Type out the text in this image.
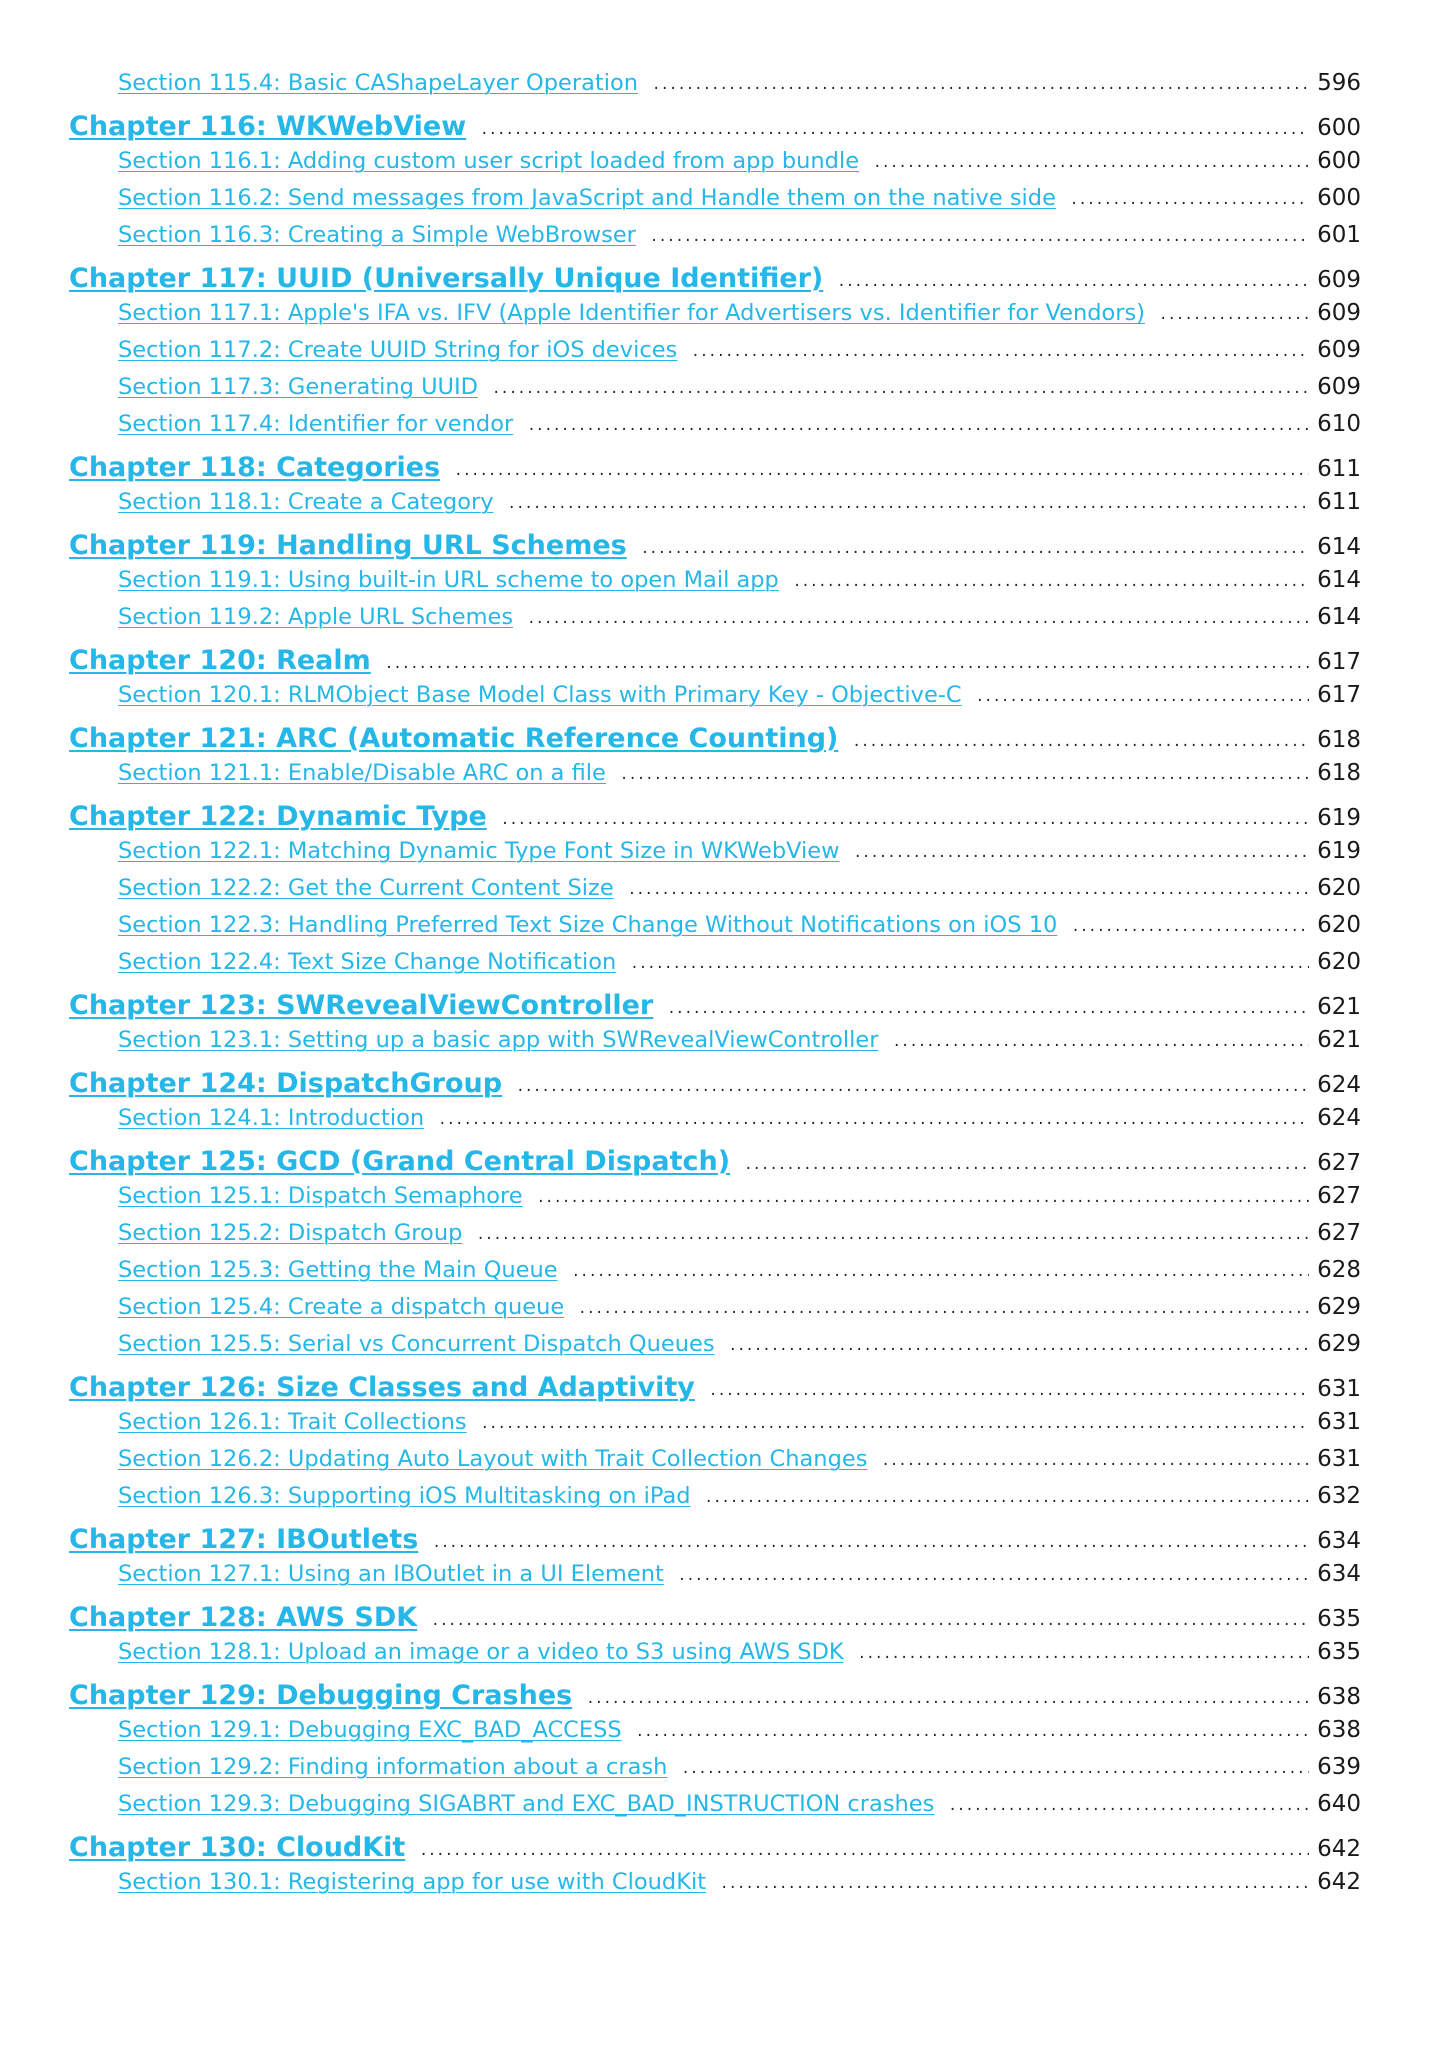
Section 115.4: Basic CAShapeLayer Operation .....	596
Chapter 116: WKWebView .....	600
Section 116.1: Adding custom user script loaded from app bundle .....	600
Section 116.2: Send messages from JavaScript and Handle them on the native side .....	600
Section 116.3: Creating a Simple WebBrowser .....	601
Chapter 117: UUID (Universally Unique Identifier) .....	609
Section 117.1: Apple's IFA vs. IFV (Apple Identifier for Advertisers vs. Identifier for Vendors) .....	609
Section 117.2: Create UUID String for iOS devices .....	609
Section 117.3: Generating UUID .....	609
Section 117.4: Identifier for vendor .....	610
Chapter 118: Categories .....	611
Section 118.1: Create a Category .....	611
Chapter 119: Handling URL Schemes .....	614
Section 119.1: Using built-in URL scheme to open Mail app .....	614
Section 119.2: Apple URL Schemes .....	614
Chapter 120: Realm .....	617
Section 120.1: RLMObject Base Model Class with Primary Key - Objective-C .....	617
Chapter 121: ARC (Automatic Reference Counting) .....	618
Section 121.1: Enable/Disable ARC on a file .....	618
Chapter 122: Dynamic Type .....	619
Section 122.1: Matching Dynamic Type Font Size in WKWebView .....	619
Section 122.2: Get the Current Content Size .....	620
Section 122.3: Handling Preferred Text Size Change Without Notifications on iOS 10 .....	620
Section 122.4: Text Size Change Notification .....	620
Chapter 123: SWRevealViewController .....	621
Section 123.1: Setting up a basic app with SWRevealViewController .....	621
Chapter 124: DispatchGroup .....	624
Section 124.1: Introduction .....	624
Chapter 125: GCD (Grand Central Dispatch) .....	627
Section 125.1: Dispatch Semaphore .....	627
Section 125.2: Dispatch Group .....	627
Section 125.3: Getting the Main Queue .....	628
Section 125.4: Create a dispatch queue .....	629
Section 125.5: Serial vs Concurrent Dispatch Queues .....	629
Chapter 126: Size Classes and Adaptivity .....	631
Section 126.1: Trait Collections .....	631
Section 126.2: Updating Auto Layout with Trait Collection Changes .....	631
Section 126.3: Supporting iOS Multitasking on iPad .....	632
Chapter 127: IBOutlets .....	634
Section 127.1: Using an IBOutlet in a UI Element .....	634
Chapter 128: AWS SDK .....	635
Section 128.1: Upload an image or a video to S3 using AWS SDK .....	635
Chapter 129: Debugging Crashes .....	638
Section 129.1: Debugging EXC_BAD_ACCESS .....	638
Section 129.2: Finding information about a crash .....	639
Section 129.3: Debugging SIGABRT and EXC_BAD_INSTRUCTION crashes .....	640
Chapter 130: CloudKit .....	642
Section 130.1: Registering app for use with CloudKit .....	642
